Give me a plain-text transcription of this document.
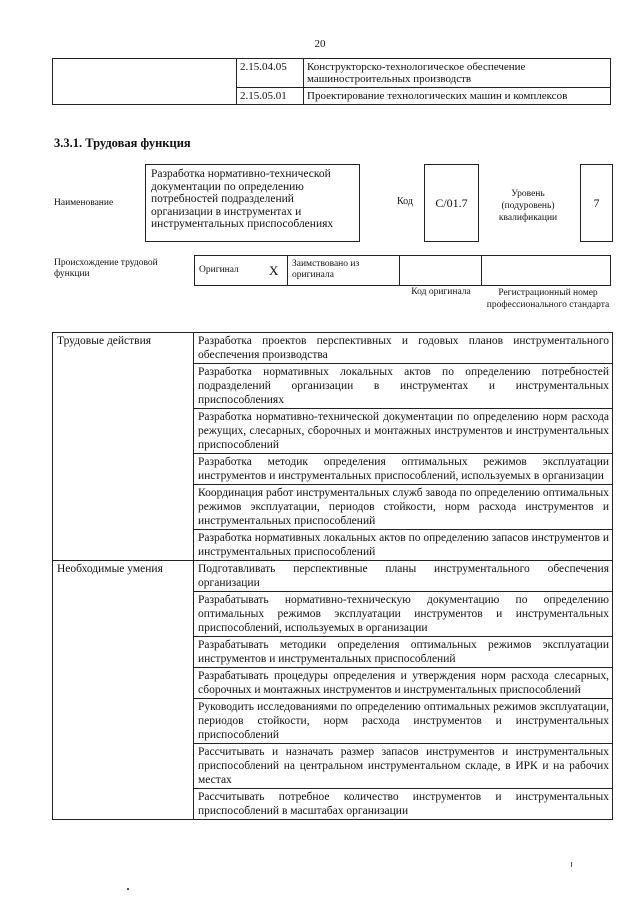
20
	2.15.04.05	Конструкторско-технологическое обеспечение машиностроительных производств
	2.15.05.01	Проектирование технологических машин и комплексов
3.3.1. Трудовая функция
Наименование
Разработка нормативно-технической документации по определению потребностей подразделений организации в инструментах и инструментальных приспособлениях
Код	C/01.7
Уровень (подуровень) квалификации
7
Происхождение трудовой функции	Оригинал	X	Заимствовано из оригинала		
Код оригинала	Регистрационный номер профессионального стандарта
Трудовые действия	Разработка проектов перспективных и годовых планов инструментального обеспечения производства
	Разработка нормативных локальных актов по определению потребностей подразделений организации в инструментах и инструментальных приспособлениях
	Разработка нормативно-технической документации по определению норм расхода режущих, слесарных, сборочных и монтажных инструментов и инструментальных приспособлений
	Разработка методик определения оптимальных режимов эксплуатации инструментов и инструментальных приспособлений, используемых в организации
	Координация работ инструментальных служб завода по определению оптимальных режимов эксплуатации, периодов стойкости, норм расхода инструментов и инструментальных приспособлений
	Разработка нормативных локальных актов по определению запасов инструментов и инструментальных приспособлений
Необходимые умения	Подготавливать перспективные планы инструментального обеспечения организации
	Разрабатывать нормативно-техническую документацию по определению оптимальных режимов эксплуатации инструментов и инструментальных приспособлений, используемых в организации
	Разрабатывать методики определения оптимальных режимов эксплуатации инструментов и инструментальных приспособлений
	Разрабатывать процедуры определения и утверждения норм расхода слесарных, сборочных и монтажных инструментов и инструментальных приспособлений
	Руководить исследованиями по определению оптимальных режимов эксплуатации, периодов стойкости, норм расхода инструментов и инструментальных приспособлений
	Рассчитывать и назначать размер запасов инструментов и инструментальных приспособлений на центральном инструментальном складе, в ИРК и на рабочих местах
	Рассчитывать потребное количество инструментов и инструментальных приспособлений в масштабах организации
